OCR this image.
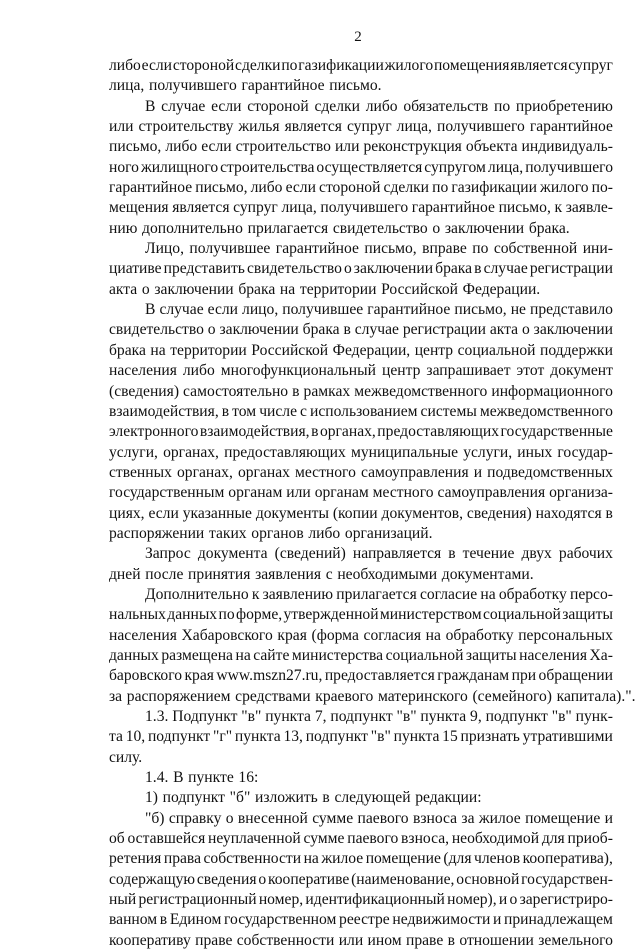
2
либо если стороной сделки по газификации жилого помещения является супруг
лица, получившего гарантийное письмо.
В случае если стороной сделки либо обязательств по приобретению
или строительству жилья является супруг лица, получившего гарантийное
письмо, либо если строительство или реконструкция объекта индивидуаль-
ного жилищного строительства осуществляется супругом лица, получившего
гарантийное письмо, либо если стороной сделки по газификации жилого по-
мещения является супруг лица, получившего гарантийное письмо, к заявле-
нию дополнительно прилагается свидетельство о заключении брака.
Лицо, получившее гарантийное письмо, вправе по собственной ини-
циативе представить свидетельство о заключении брака в случае регистрации
акта о заключении брака на территории Российской Федерации.
В случае если лицо, получившее гарантийное письмо, не представило
свидетельство о заключении брака в случае регистрации акта о заключении
брака на территории Российской Федерации, центр социальной поддержки
населения либо многофункциональный центр запрашивает этот документ
(сведения) самостоятельно в рамках межведомственного информационного
взаимодействия, в том числе с использованием системы межведомственного
электронного взаимодействия, в органах, предоставляющих государственные
услуги, органах, предоставляющих муниципальные услуги, иных государ-
ственных органах, органах местного самоуправления и подведомственных
государственным органам или органам местного самоуправления организа-
циях, если указанные документы (копии документов, сведения) находятся в
распоряжении таких органов либо организаций.
Запрос документа (сведений) направляется в течение двух рабочих
дней после принятия заявления с необходимыми документами.
Дополнительно к заявлению прилагается согласие на обработку персо-
нальных данных по форме, утвержденной министерством социальной защиты
населения Хабаровского края (форма согласия на обработку персональных
данных размещена на сайте министерства социальной защиты населения Ха-
баровского края www.mszn27.ru, предоставляется гражданам при обращении
за распоряжением средствами краевого материнского (семейного) капитала).".
1.3. Подпункт "в" пункта 7, подпункт "в" пункта 9, подпункт "в" пунк-
та 10, подпункт "г" пункта 13, подпункт "в" пункта 15 признать утратившими
силу.
1.4. В пункте 16:
1) подпункт "б" изложить в следующей редакции:
"б) справку о внесенной сумме паевого взноса за жилое помещение и
об оставшейся неуплаченной сумме паевого взноса, необходимой для приоб-
ретения права собственности на жилое помещение (для членов кооператива),
содержащую сведения о кооперативе (наименование, основной государствен-
ный регистрационный номер, идентификационный номер), и о зарегистриро-
ванном в Едином государственном реестре недвижимости и принадлежащем
кооперативу праве собственности или ином праве в отношении земельного
